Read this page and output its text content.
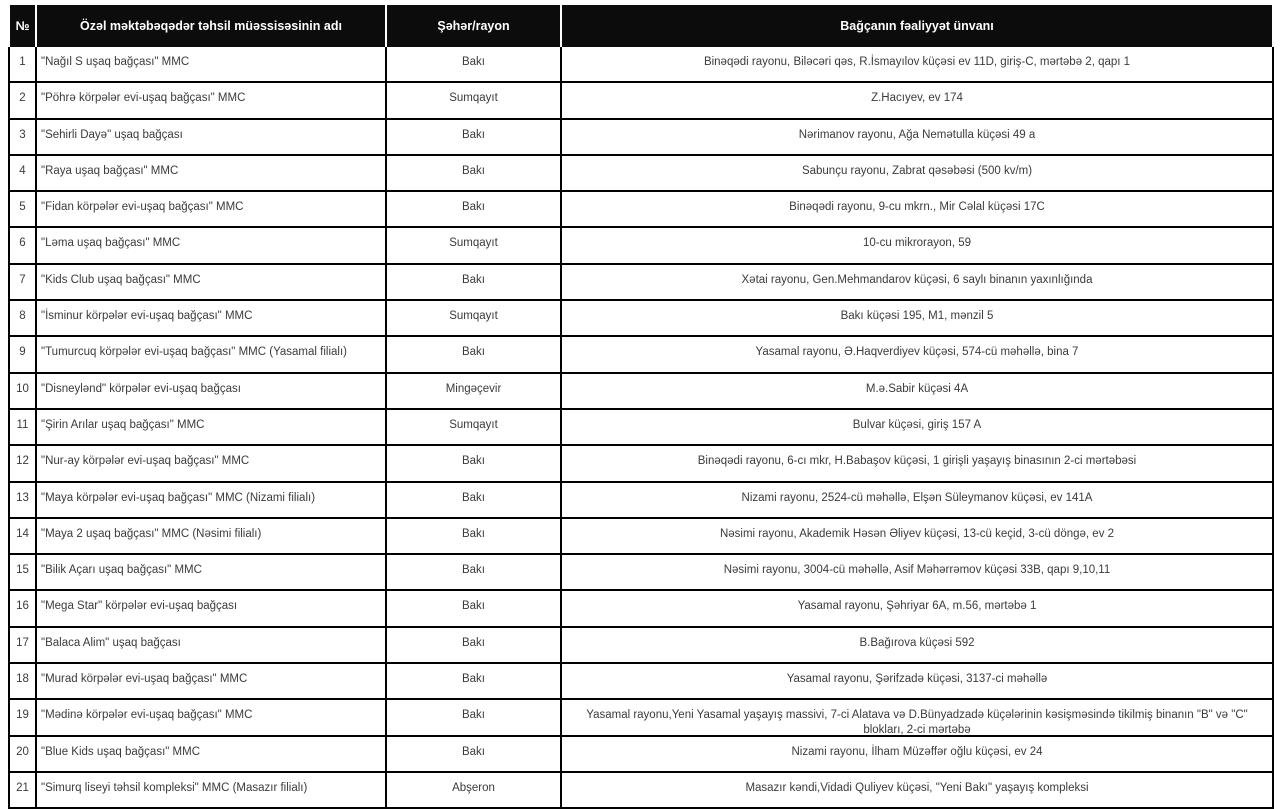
№	Özəl məktəbəqədər təhsil müəssisəsinin adı	Şəhər/rayon	Bağçanın fəaliyyət ünvanı
1	"Nağıl S uşaq bağçası" MMC	Bakı	Binəqədi rayonu, Biləcəri qəs, R.İsmayılov küçəsi ev 11D, giriş-C, mərtəbə 2, qapı 1
2	"Pöhrə körpələr evi-uşaq bağçası" MMC	Sumqayıt	Z.Hacıyev, ev 174
3	"Sehirli Dayə" uşaq bağçası	Bakı	Nərimanov rayonu, Ağa Nemətulla küçəsi 49 a
4	"Raya uşaq bağçası" MMC	Bakı	Sabunçu rayonu, Zabrat qəsəbəsi (500 kv/m)
5	"Fidan körpələr evi-uşaq bağçası" MMC	Bakı	Binəqədi rayonu, 9-cu mkrn., Mir Cəlal küçəsi 17C
6	"Ləma uşaq bağçası" MMC	Sumqayıt	10-cu mikrorayon, 59
7	"Kids Club uşaq bağçası" MMC	Bakı	Xətai rayonu, Gen.Mehmandarov küçəsi, 6 saylı binanın yaxınlığında
8	"İsminur körpələr evi-uşaq bağçası" MMC	Sumqayıt	Bakı küçəsi 195, M1, mənzil 5
9	"Tumurcuq körpələr evi-uşaq bağçası" MMC (Yasamal filialı)	Bakı	Yasamal rayonu, Ə.Haqverdiyev küçəsi, 574-cü məhəllə, bina 7
10	"Disneylənd" körpələr evi-uşaq bağçası	Mingəçevir	M.ə.Sabir küçəsi 4A
11	"Şirin Arılar uşaq bağçası" MMC	Sumqayıt	Bulvar küçəsi, giriş 157 A
12	"Nur-ay körpələr evi-uşaq bağçası" MMC	Bakı	Binəqədi rayonu, 6-cı mkr, H.Babaşov küçəsi, 1 girişli yaşayış binasının 2-ci mərtəbəsi
13	"Maya körpələr evi-uşaq bağçası" MMC (Nizami filialı)	Bakı	Nizami rayonu, 2524-cü məhəllə, Elşən Süleymanov küçəsi, ev 141A
14	"Maya 2 uşaq bağçası" MMC (Nəsimi filialı)	Bakı	Nəsimi rayonu, Akademik Həsən Əliyev küçəsi, 13-cü keçid, 3-cü döngə, ev 2
15	"Bilik Açarı uşaq bağçası" MMC	Bakı	Nəsimi rayonu, 3004-cü məhəllə, Asif Məhərrəmov küçəsi 33B, qapı 9,10,11
16	"Mega Star" körpələr evi-uşaq bağçası	Bakı	Yasamal rayonu, Şəhriyar 6A, m.56, mərtəbə 1
17	"Balaca Alim" uşaq bağçası	Bakı	B.Bağırova küçəsi 592
18	"Murad körpələr evi-uşaq bağçası" MMC	Bakı	Yasamal rayonu, Şərifzadə küçəsi, 3137-ci məhəllə
19	"Mədinə körpələr evi-uşaq bağçası" MMC	Bakı	Yasamal rayonu,Yeni Yasamal yaşayış massivi, 7-ci Alatava və D.Bünyadzadə küçələrinin kəsişməsində tikilmiş binanın "B" və "C" blokları, 2-ci mərtəbə
20	"Blue Kids uşaq bağçası" MMC	Bakı	Nizami rayonu, İlham Müzəffər oğlu küçəsi, ev 24
21	"Simurq liseyi təhsil kompleksi" MMC (Masazır filialı)	Abşeron	Masazır kəndi,Vidadi Quliyev küçəsi, "Yeni Bakı" yaşayış kompleksi
